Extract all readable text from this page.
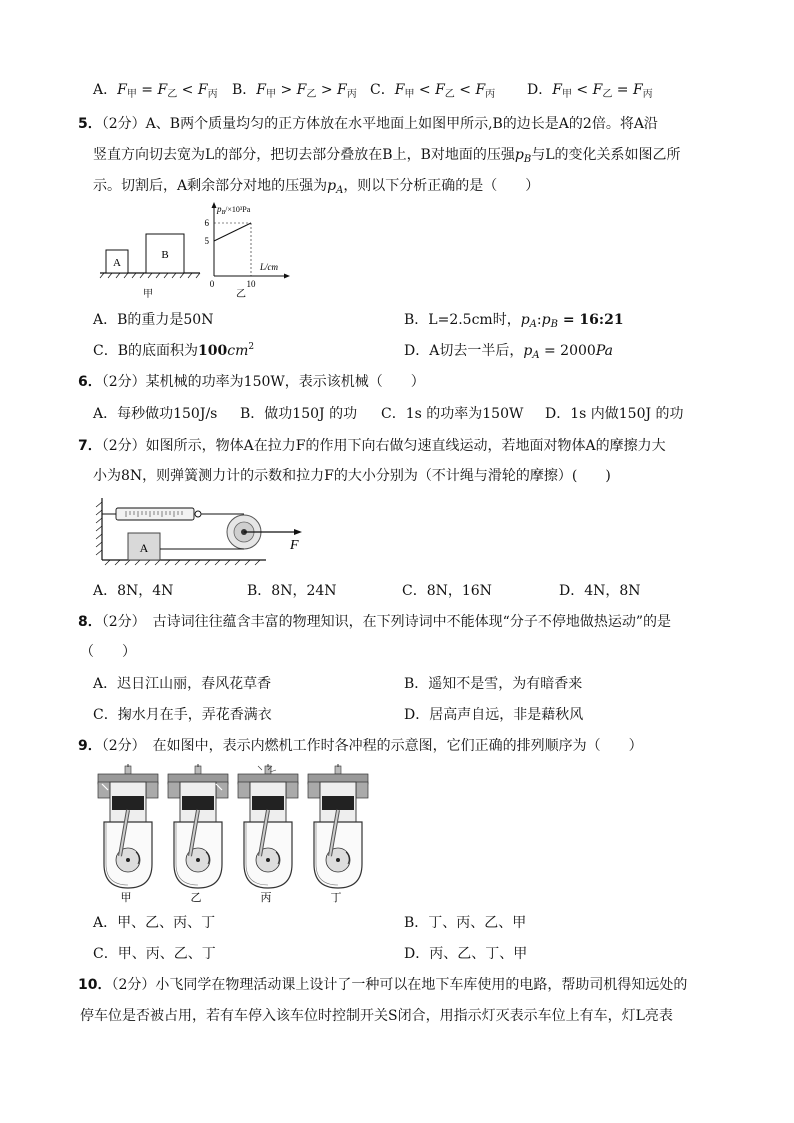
A．$F_甲 = F_乙 < F_丙$ B．$F_甲 > F_乙 > F_丙$ C．$F_甲 < F_乙 < F_丙$ D．$F_甲 < F_乙 = F_丙$
5．（2分）A、B两个质量均匀的正方体放在水平地面上如图甲所示,B的边长是A的2倍。将A沿
竖直方向切去宽为L的部分，把切去部分叠放在B上，B对地面的压强$p_B$与L的变化关系如图乙所
示。切割后，A剩余部分对地的压强为$p_A$，则以下分析正确的是（　　）
A
B
甲
$p_B/\times 10^3Pa$
6
5
0	10
L/cm
乙
A．B的重力是50N	B．L=2.5cm时，$p_A:p_B$ = 16:21
C．B的底面积为$100cm^2$	D．A切去一半后，$p_A = 2000Pa$
6．（2分）某机械的功率为150W，表示该机械（　　）
A．每秒做功150J/s B．做功150J 的功 C．1s 的功率为150W D．1s 内做150J 的功
7．（2分）如图所示，物体A在拉力F的作用下向右做匀速直线运动，若地面对物体A的摩擦力大
小为8N，则弹簧测力计的示数和拉力F的大小分别为（不计绳与滑轮的摩擦）(　　)
A	F
A．8N，4N	B．8N，24N	C．8N，16N	D．4N，8N
8．（2分）　古诗词往往蕴含丰富的物理知识，在下列诗词中不能体现“分子不停地做热运动”的是
（　　）
A．迟日江山丽，春风花草香	B．遥知不是雪，为有暗香来
C．掬水月在手，弄花香满衣	D．居高声自远，非是藉秋风
9．（2分）　在如图中，表示内燃机工作时各冲程的示意图，它们正确的排列顺序为（　　）
甲	乙	丙	丁
A．甲、乙、丙、丁	B．丁、丙、乙、甲
C．甲、丙、乙、丁	D．丙、乙、丁、甲
10．（2分）小飞同学在物理活动课上设计了一种可以在地下车库使用的电路，帮助司机得知远处的
停车位是否被占用，若有车停入该车位时控制开关S闭合，用指示灯灭表示车位上有车，灯L亮表
